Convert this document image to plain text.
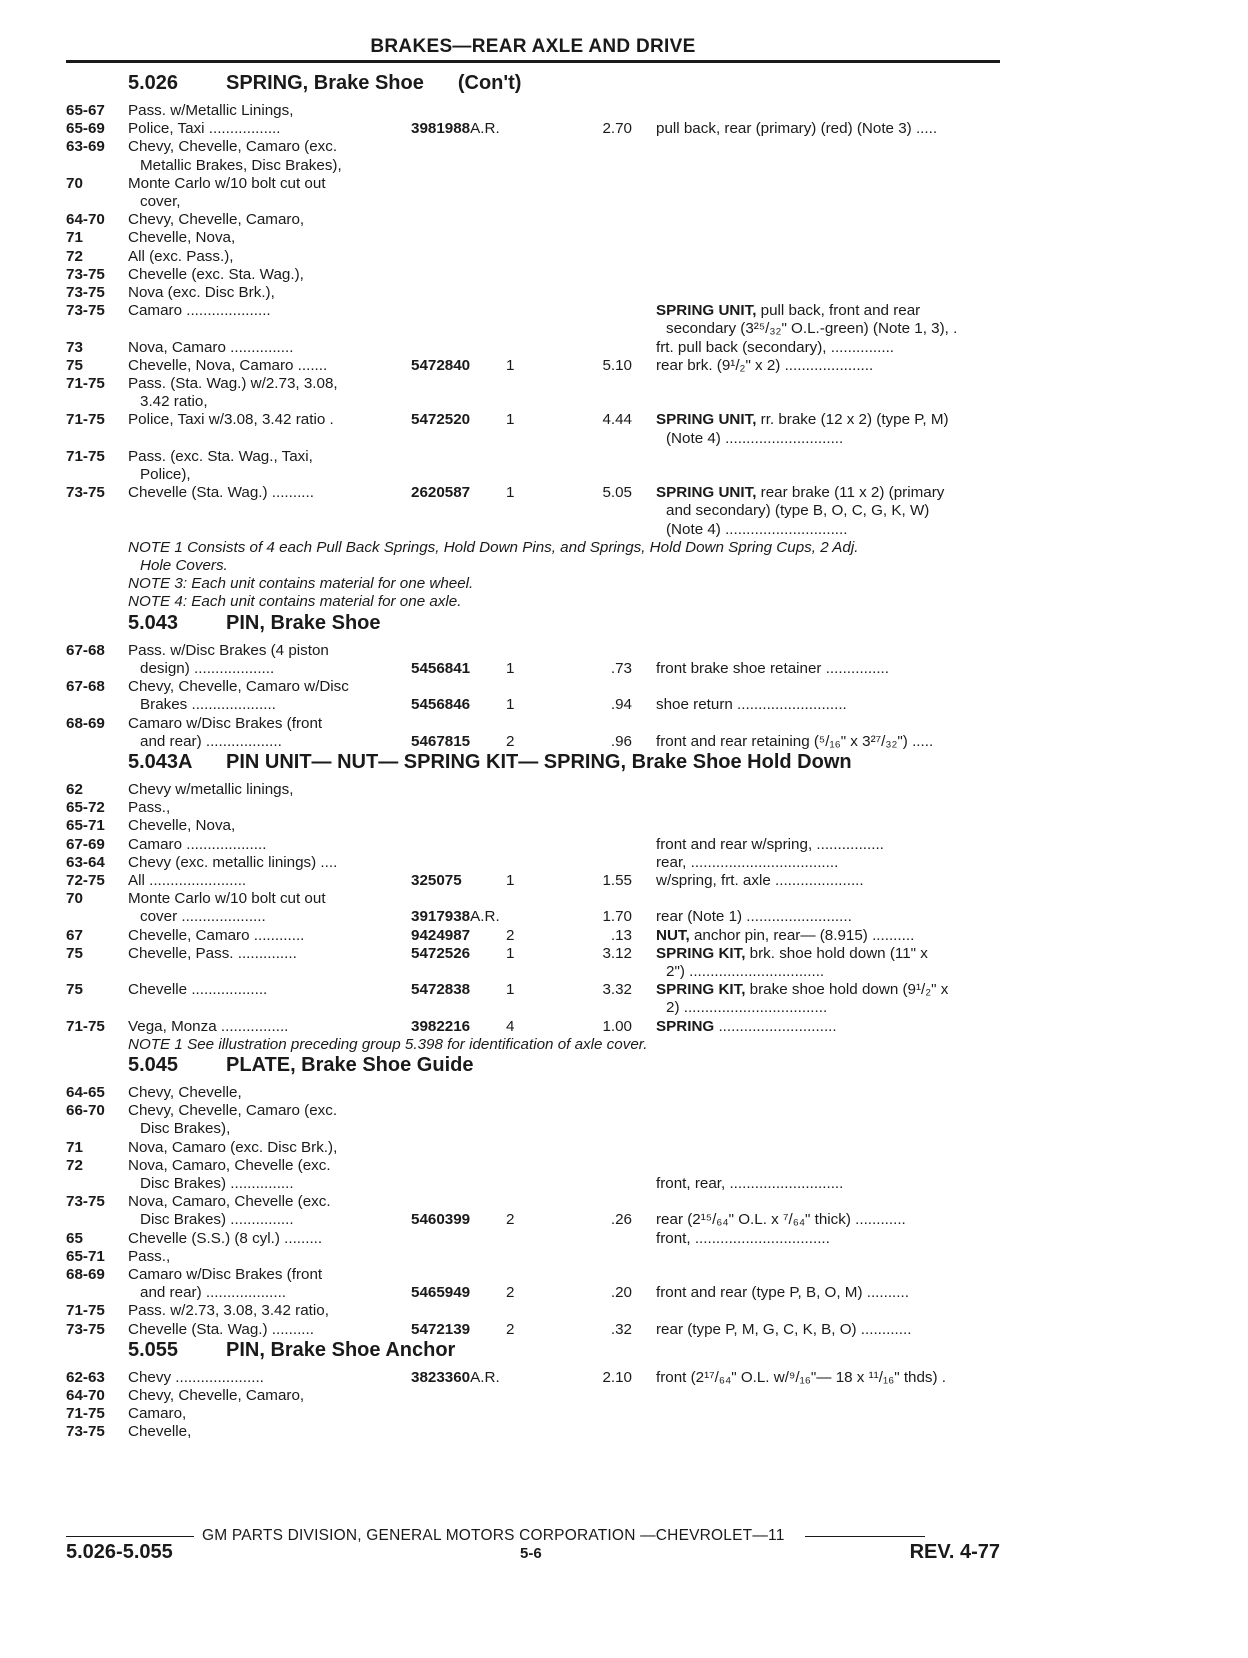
BRAKES—REAR AXLE AND DRIVE
5.026	SPRING, Brake Shoe (Con't)
65-67	Pass. w/Metallic Linings,
65-69	Police, Taxi .................	3981988A.R.	2.70	pull back, rear (primary) (red) (Note 3) .....
63-69	Chevy, Chevelle, Camaro (exc.
Metallic Brakes, Disc Brakes),
70	Monte Carlo w/10 bolt cut out
cover,
64-70	Chevy, Chevelle, Camaro,
71	Chevelle, Nova,
72	All (exc. Pass.),
73-75	Chevelle (exc. Sta. Wag.),
73-75	Nova (exc. Disc Brk.),
73-75	Camaro ....................	SPRING UNIT, pull back, front and rear
secondary (3²⁵/₃₂" O.L.-green) (Note 1, 3), .
73	Nova, Camaro ...............	frt. pull back (secondary), ...............
75	Chevelle, Nova, Camaro .......	5472840	1	5.10	rear brk. (9¹/₂" x 2) .....................
71-75	Pass. (Sta. Wag.) w/2.73, 3.08,
3.42 ratio,
71-75	Police, Taxi w/3.08, 3.42 ratio .	5472520	1	4.44	SPRING UNIT, rr. brake (12 x 2) (type P, M)
(Note 4) ............................
71-75	Pass. (exc. Sta. Wag., Taxi,
Police),
73-75	Chevelle (Sta. Wag.) ..........	2620587	1	5.05	SPRING UNIT, rear brake (11 x 2) (primary
and secondary) (type B, O, C, G, K, W)
(Note 4) .............................
NOTE 1 Consists of 4 each Pull Back Springs, Hold Down Pins, and Springs, Hold Down Spring Cups, 2 Adj.
Hole Covers.
NOTE 3: Each unit contains material for one wheel.
NOTE 4: Each unit contains material for one axle.
5.043	PIN, Brake Shoe
67-68	Pass. w/Disc Brakes (4 piston
design) ...................	5456841	1	.73	front brake shoe retainer ...............
67-68	Chevy, Chevelle, Camaro w/Disc
Brakes ....................	5456846	1	.94	shoe return ..........................
68-69	Camaro w/Disc Brakes (front
and rear) ..................	5467815	2	.96	front and rear retaining (⁵/₁₆" x 3²⁷/₃₂") .....
5.043A	PIN UNIT— NUT— SPRING KIT— SPRING, Brake Shoe Hold Down
62	Chevy w/metallic linings,
65-72	Pass.,
65-71	Chevelle, Nova,
67-69	Camaro ...................	front and rear w/spring, ................
63-64	Chevy (exc. metallic linings) ....	rear, ...................................
72-75	All .......................	325075	1	1.55	w/spring, frt. axle .....................
70	Monte Carlo w/10 bolt cut out
cover ....................	3917938A.R.	1.70	rear (Note 1) .........................
67	Chevelle, Camaro ............	9424987	2	.13	NUT, anchor pin, rear— (8.915) ..........
75	Chevelle, Pass. ..............	5472526	1	3.12	SPRING KIT, brk. shoe hold down (11" x
2") ................................
75	Chevelle ..................	5472838	1	3.32	SPRING KIT, brake shoe hold down (9¹/₂" x
2) ..................................
71-75	Vega, Monza ................	3982216	4	1.00	SPRING ............................
NOTE 1 See illustration preceding group 5.398 for identification of axle cover.
5.045	PLATE, Brake Shoe Guide
64-65	Chevy, Chevelle,
66-70	Chevy, Chevelle, Camaro (exc.
Disc Brakes),
71	Nova, Camaro (exc. Disc Brk.),
72	Nova, Camaro, Chevelle (exc.
Disc Brakes) ...............	front, rear, ...........................
73-75	Nova, Camaro, Chevelle (exc.
Disc Brakes) ...............	5460399	2	.26	rear (2¹⁵/₆₄" O.L. x ⁷/₆₄" thick) ............
65	Chevelle (S.S.) (8 cyl.) .........	front, ................................
65-71	Pass.,
68-69	Camaro w/Disc Brakes (front
and rear) ...................	5465949	2	.20	front and rear (type P, B, O, M) ..........
71-75	Pass. w/2.73, 3.08, 3.42 ratio,
73-75	Chevelle (Sta. Wag.) ..........	5472139	2	.32	rear (type P, M, G, C, K, B, O) ............
5.055	PIN, Brake Shoe Anchor
62-63	Chevy .....................	3823360A.R.	2.10	front (2¹⁷/₆₄" O.L. w/⁹/₁₆"— 18 x ¹¹/₁₆" thds) .
64-70	Chevy, Chevelle, Camaro,
71-75	Camaro,
73-75	Chevelle,
GM PARTS DIVISION, GENERAL MOTORS CORPORATION —CHEVROLET—11
5.026-5.055	5-6	REV. 4-77
